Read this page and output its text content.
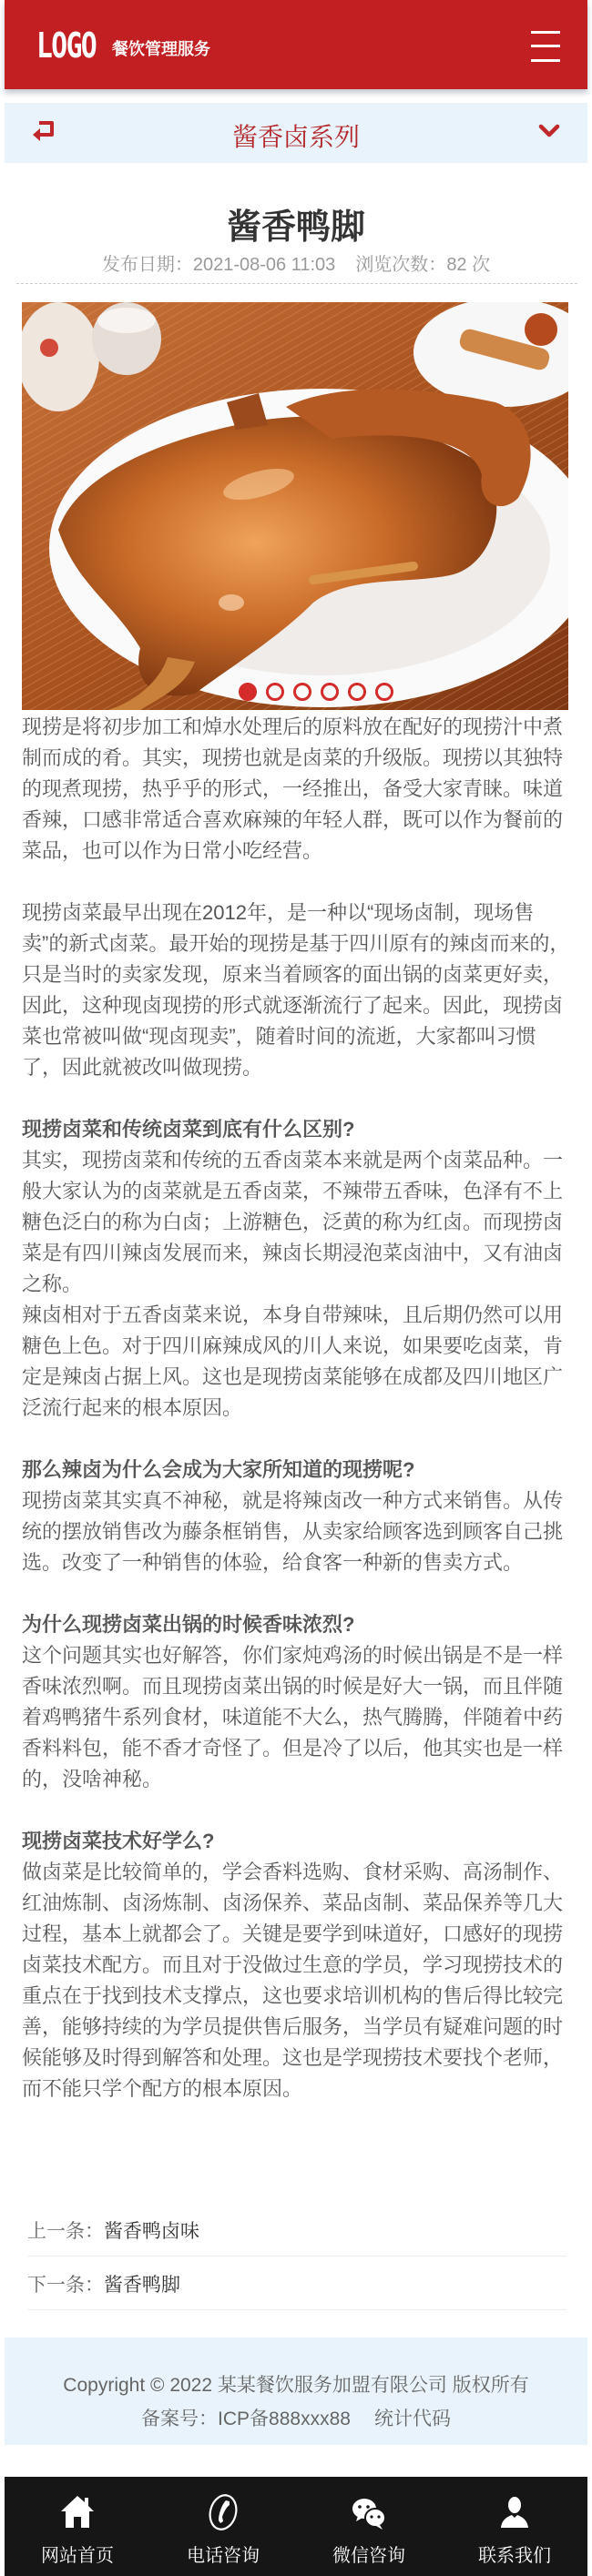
LOGO 餐饮管理服务
酱香卤系列
酱香鸭脚
发布日期：2021-08-06 11:03 浏览次数：82 次

现捞是将初步加工和焯水处理后的原料放在配好的现捞汁中煮制而成的肴。其实，现捞也就是卤菜的升级版。现捞以其独特的现煮现捞，热乎乎的形式，一经推出，备受大家青睐。味道香辣，口感非常适合喜欢麻辣的年轻人群，既可以作为餐前的菜品，也可以作为日常小吃经营。

现捞卤菜最早出现在2012年，是一种以“现场卤制，现场售卖”的新式卤菜。最开始的现捞是基于四川原有的辣卤而来的，只是当时的卖家发现，原来当着顾客的面出锅的卤菜更好卖，因此，这种现卤现捞的形式就逐渐流行了起来。因此，现捞卤菜也常被叫做“现卤现卖”，随着时间的流逝，大家都叫习惯了，因此就被改叫做现捞。

现捞卤菜和传统卤菜到底有什么区别?

其实，现捞卤菜和传统的五香卤菜本来就是两个卤菜品种。一般大家认为的卤菜就是五香卤菜，不辣带五香味，色泽有不上糖色泛白的称为白卤；上游糖色，泛黄的称为红卤。而现捞卤菜是有四川辣卤发展而来，辣卤长期浸泡菜卤油中，又有油卤之称。

辣卤相对于五香卤菜来说，本身自带辣味，且后期仍然可以用糖色上色。对于四川麻辣成风的川人来说，如果要吃卤菜，肯定是辣卤占据上风。这也是现捞卤菜能够在成都及四川地区广泛流行起来的根本原因。

那么辣卤为什么会成为大家所知道的现捞呢?

现捞卤菜其实真不神秘，就是将辣卤改一种方式来销售。从传统的摆放销售改为藤条框销售，从卖家给顾客选到顾客自己挑选。改变了一种销售的体验，给食客一种新的售卖方式。

为什么现捞卤菜出锅的时候香味浓烈?

这个问题其实也好解答，你们家炖鸡汤的时候出锅是不是一样香味浓烈啊。而且现捞卤菜出锅的时候是好大一锅，而且伴随着鸡鸭猪牛系列食材，味道能不大么，热气腾腾，伴随着中药香料料包，能不香才奇怪了。但是冷了以后，他其实也是一样的，没啥神秘。

现捞卤菜技术好学么?

做卤菜是比较简单的，学会香料选购、食材采购、高汤制作、红油炼制、卤汤炼制、卤汤保养、菜品卤制、菜品保养等几大过程，基本上就都会了。关键是要学到味道好，口感好的现捞卤菜技术配方。而且对于没做过生意的学员，学习现捞技术的重点在于找到技术支撑点，这也要求培训机构的售后得比较完善，能够持续的为学员提供售后服务，当学员有疑难问题的时候能够及时得到解答和处理。这也是学现捞技术要找个老师，而不能只学个配方的根本原因。

上一条： 酱香鸭卤味
下一条： 酱香鸭脚
Copyright © 2022 某某餐饮服务加盟有限公司 版权所有
备案号：ICP备888xxx88 统计代码
网站首页	电话咨询	微信咨询	联系我们
